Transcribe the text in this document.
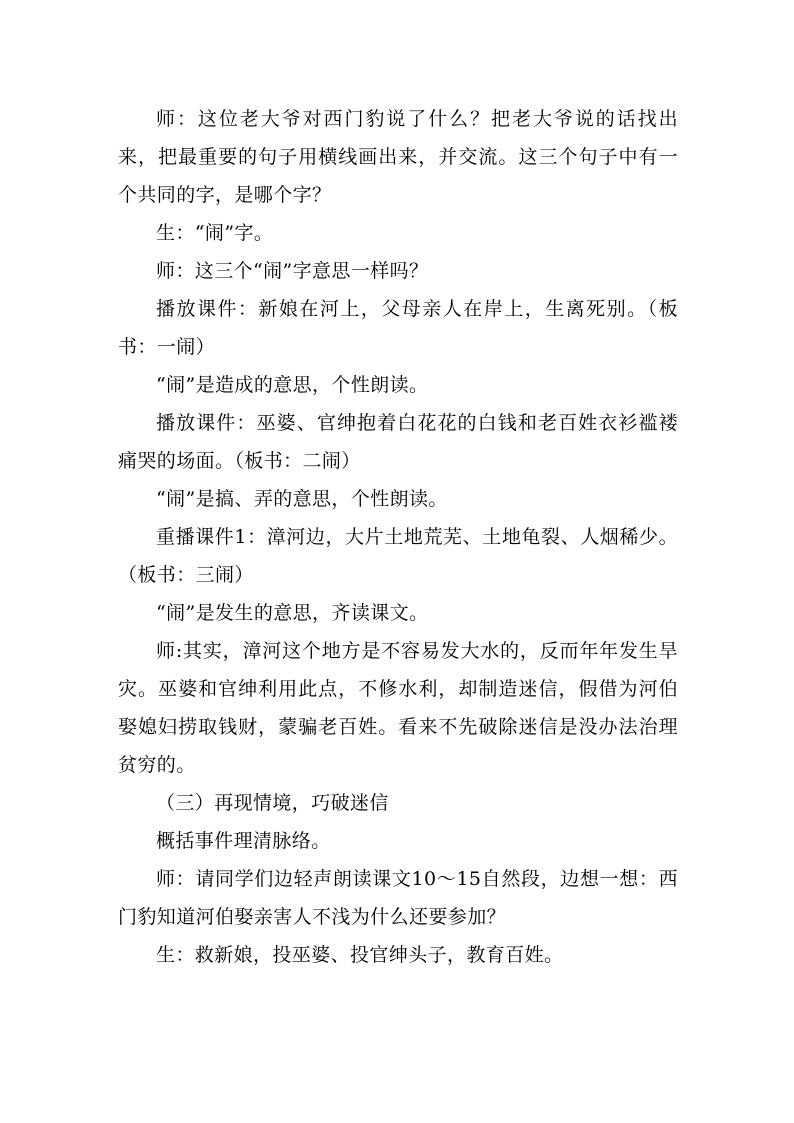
师：这位老大爷对西门豹说了什么？把老大爷说的话找出来，把最重要的句子用横线画出来，并交流。这三个句子中有一个共同的字，是哪个字？

生：“闹”字。

师：这三个“闹”字意思一样吗？

播放课件：新娘在河上，父母亲人在岸上，生离死别。（板书：一闹）

“闹”是造成的意思，个性朗读。

播放课件：巫婆、官绅抱着白花花的白钱和老百姓衣衫褴褛痛哭的场面。（板书：二闹）

“闹”是搞、弄的意思，个性朗读。

重播课件1：漳河边，大片土地荒芜、土地龟裂、人烟稀少。（板书：三闹）

“闹”是发生的意思，齐读课文。

师:其实，漳河这个地方是不容易发大水的，反而年年发生旱灾。巫婆和官绅利用此点，不修水利，却制造迷信，假借为河伯娶媳妇捞取钱财，蒙骗老百姓。看来不先破除迷信是没办法治理贫穷的。

（三）再现情境，巧破迷信

概括事件理清脉络。

师：请同学们边轻声朗读课文10～15自然段，边想一想：西门豹知道河伯娶亲害人不浅为什么还要参加？

生：救新娘，投巫婆、投官绅头子，教育百姓。
